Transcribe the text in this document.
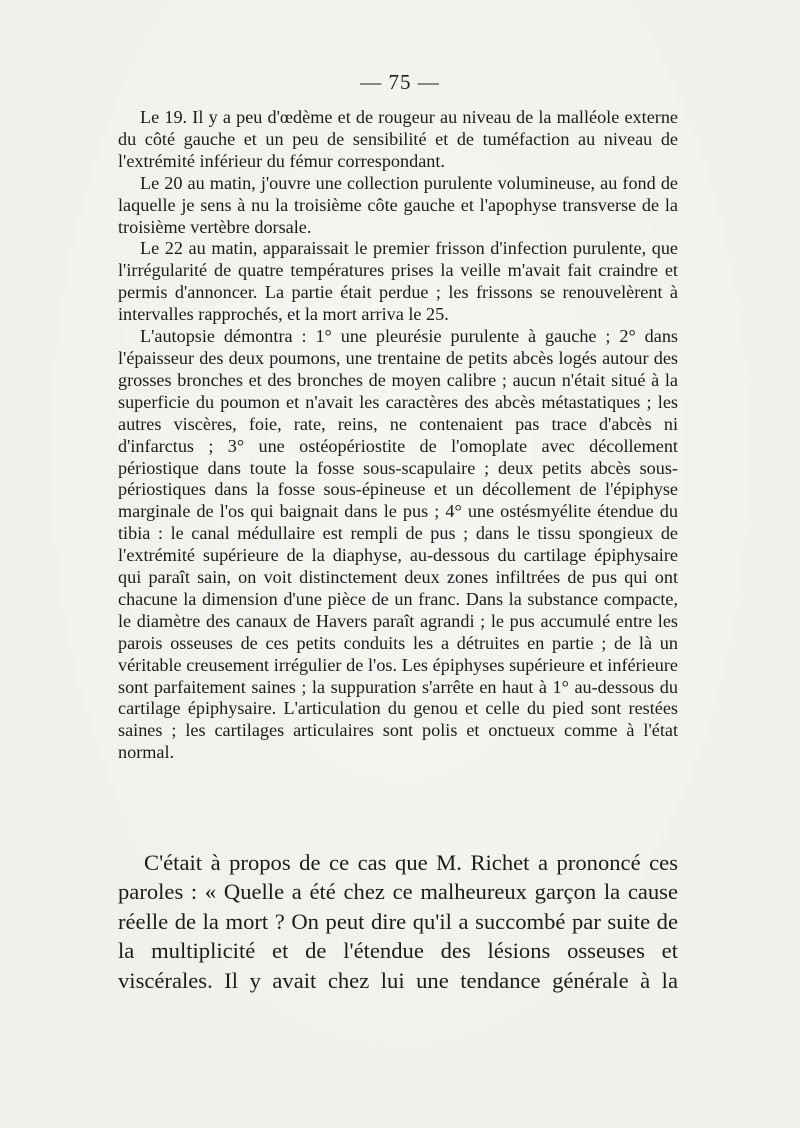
— 75 —

Le 19. Il y a peu d'œdème et de rougeur au niveau de la malléole externe du côté gauche et un peu de sensibilité et de tuméfaction au niveau de l'extrémité inférieur du fémur correspondant.

Le 20 au matin, j'ouvre une collection purulente volumineuse, au fond de laquelle je sens à nu la troisième côte gauche et l'apophyse transverse de la troisième vertèbre dorsale.

Le 22 au matin, apparaissait le premier frisson d'infection purulente, que l'irrégularité de quatre températures prises la veille m'avait fait craindre et permis d'annoncer. La partie était perdue ; les frissons se renouvelèrent à intervalles rapprochés, et la mort arriva le 25.

L'autopsie démontra : 1° une pleurésie purulente à gauche ; 2° dans l'épaisseur des deux poumons, une trentaine de petits abcès logés autour des grosses bronches et des bronches de moyen calibre ; aucun n'était situé à la superficie du poumon et n'avait les caractères des abcès métastatiques ; les autres viscères, foie, rate, reins, ne contenaient pas trace d'abcès ni d'infarctus ; 3° une ostéopériostite de l'omoplate avec décollement périostique dans toute la fosse sous-scapulaire ; deux petits abcès sous-périostiques dans la fosse sous-épineuse et un décollement de l'épiphyse marginale de l'os qui baignait dans le pus ; 4° une ostésmyélite étendue du tibia : le canal médullaire est rempli de pus ; dans le tissu spongieux de l'extrémité supérieure de la diaphyse, au-dessous du cartilage épiphysaire qui paraît sain, on voit distinctement deux zones infiltrées de pus qui ont chacune la dimension d'une pièce de un franc. Dans la substance compacte, le diamètre des canaux de Havers paraît agrandi ; le pus accumulé entre les parois osseuses de ces petits conduits les a détruites en partie ; de là un véritable creusement irrégulier de l'os. Les épiphyses supérieure et inférieure sont parfaitement saines ; la suppuration s'arrête en haut à 1° au-dessous du cartilage épiphysaire. L'articulation du genou et celle du pied sont restées saines ; les cartilages articulaires sont polis et onctueux comme à l'état normal.

C'était à propos de ce cas que M. Richet a prononcé ces paroles : « Quelle a été chez ce malheureux garçon la cause réelle de la mort ? On peut dire qu'il a succombé par suite de la multiplicité et de l'étendue des lésions osseuses et viscérales. Il y avait chez lui une tendance générale à la
